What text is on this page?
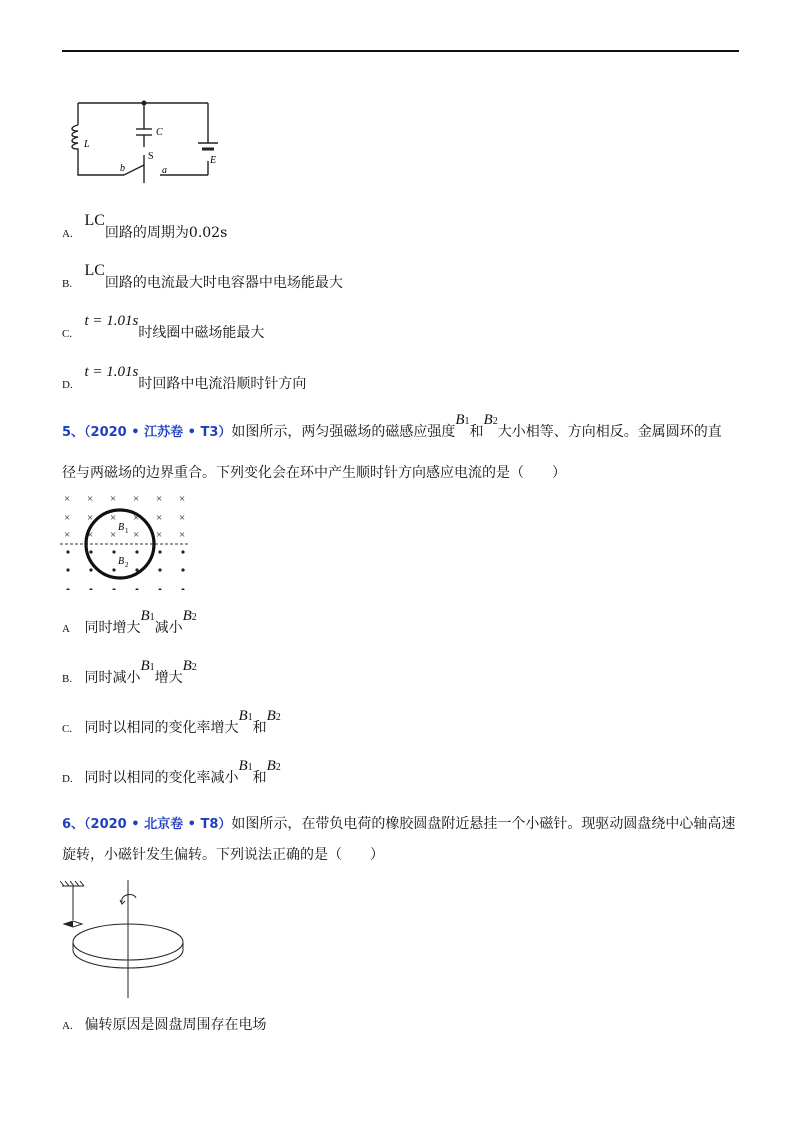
L
C
S	E
b	a
A. LC回路的周期为0.02s
B. LC回路的电流最大时电容器中电场能最大
C. t = 1.01s时线圈中磁场能最大
D. t = 1.01s时回路中电流沿顺时针方向
5、（2020 • 江苏卷 • T3）如图所示，两匀强磁场的磁感应强度$B^1$和$B^2$大小相等、方向相反。金属圆环的直
径与两磁场的边界重合。下列变化会在环中产生顺时针方向感应电流的是（　　）
× × × × × ×
× × × × × ×
× × × × × ×
B 1
B 2
A 同时增大$B^1$减小$B^2$
B. 同时减小$B^1$增大$B^2$
C. 同时以相同的变化率增大$B^1$和$B^2$
D. 同时以相同的变化率减小$B^1$和$B^2$
6、（2020 • 北京卷 • T8）如图所示，在带负电荷的橡胶圆盘附近悬挂一个小磁针。现驱动圆盘绕中心轴高速
旋转，小磁针发生偏转。下列说法正确的是（　　）
A. 偏转原因是圆盘周围存在电场
